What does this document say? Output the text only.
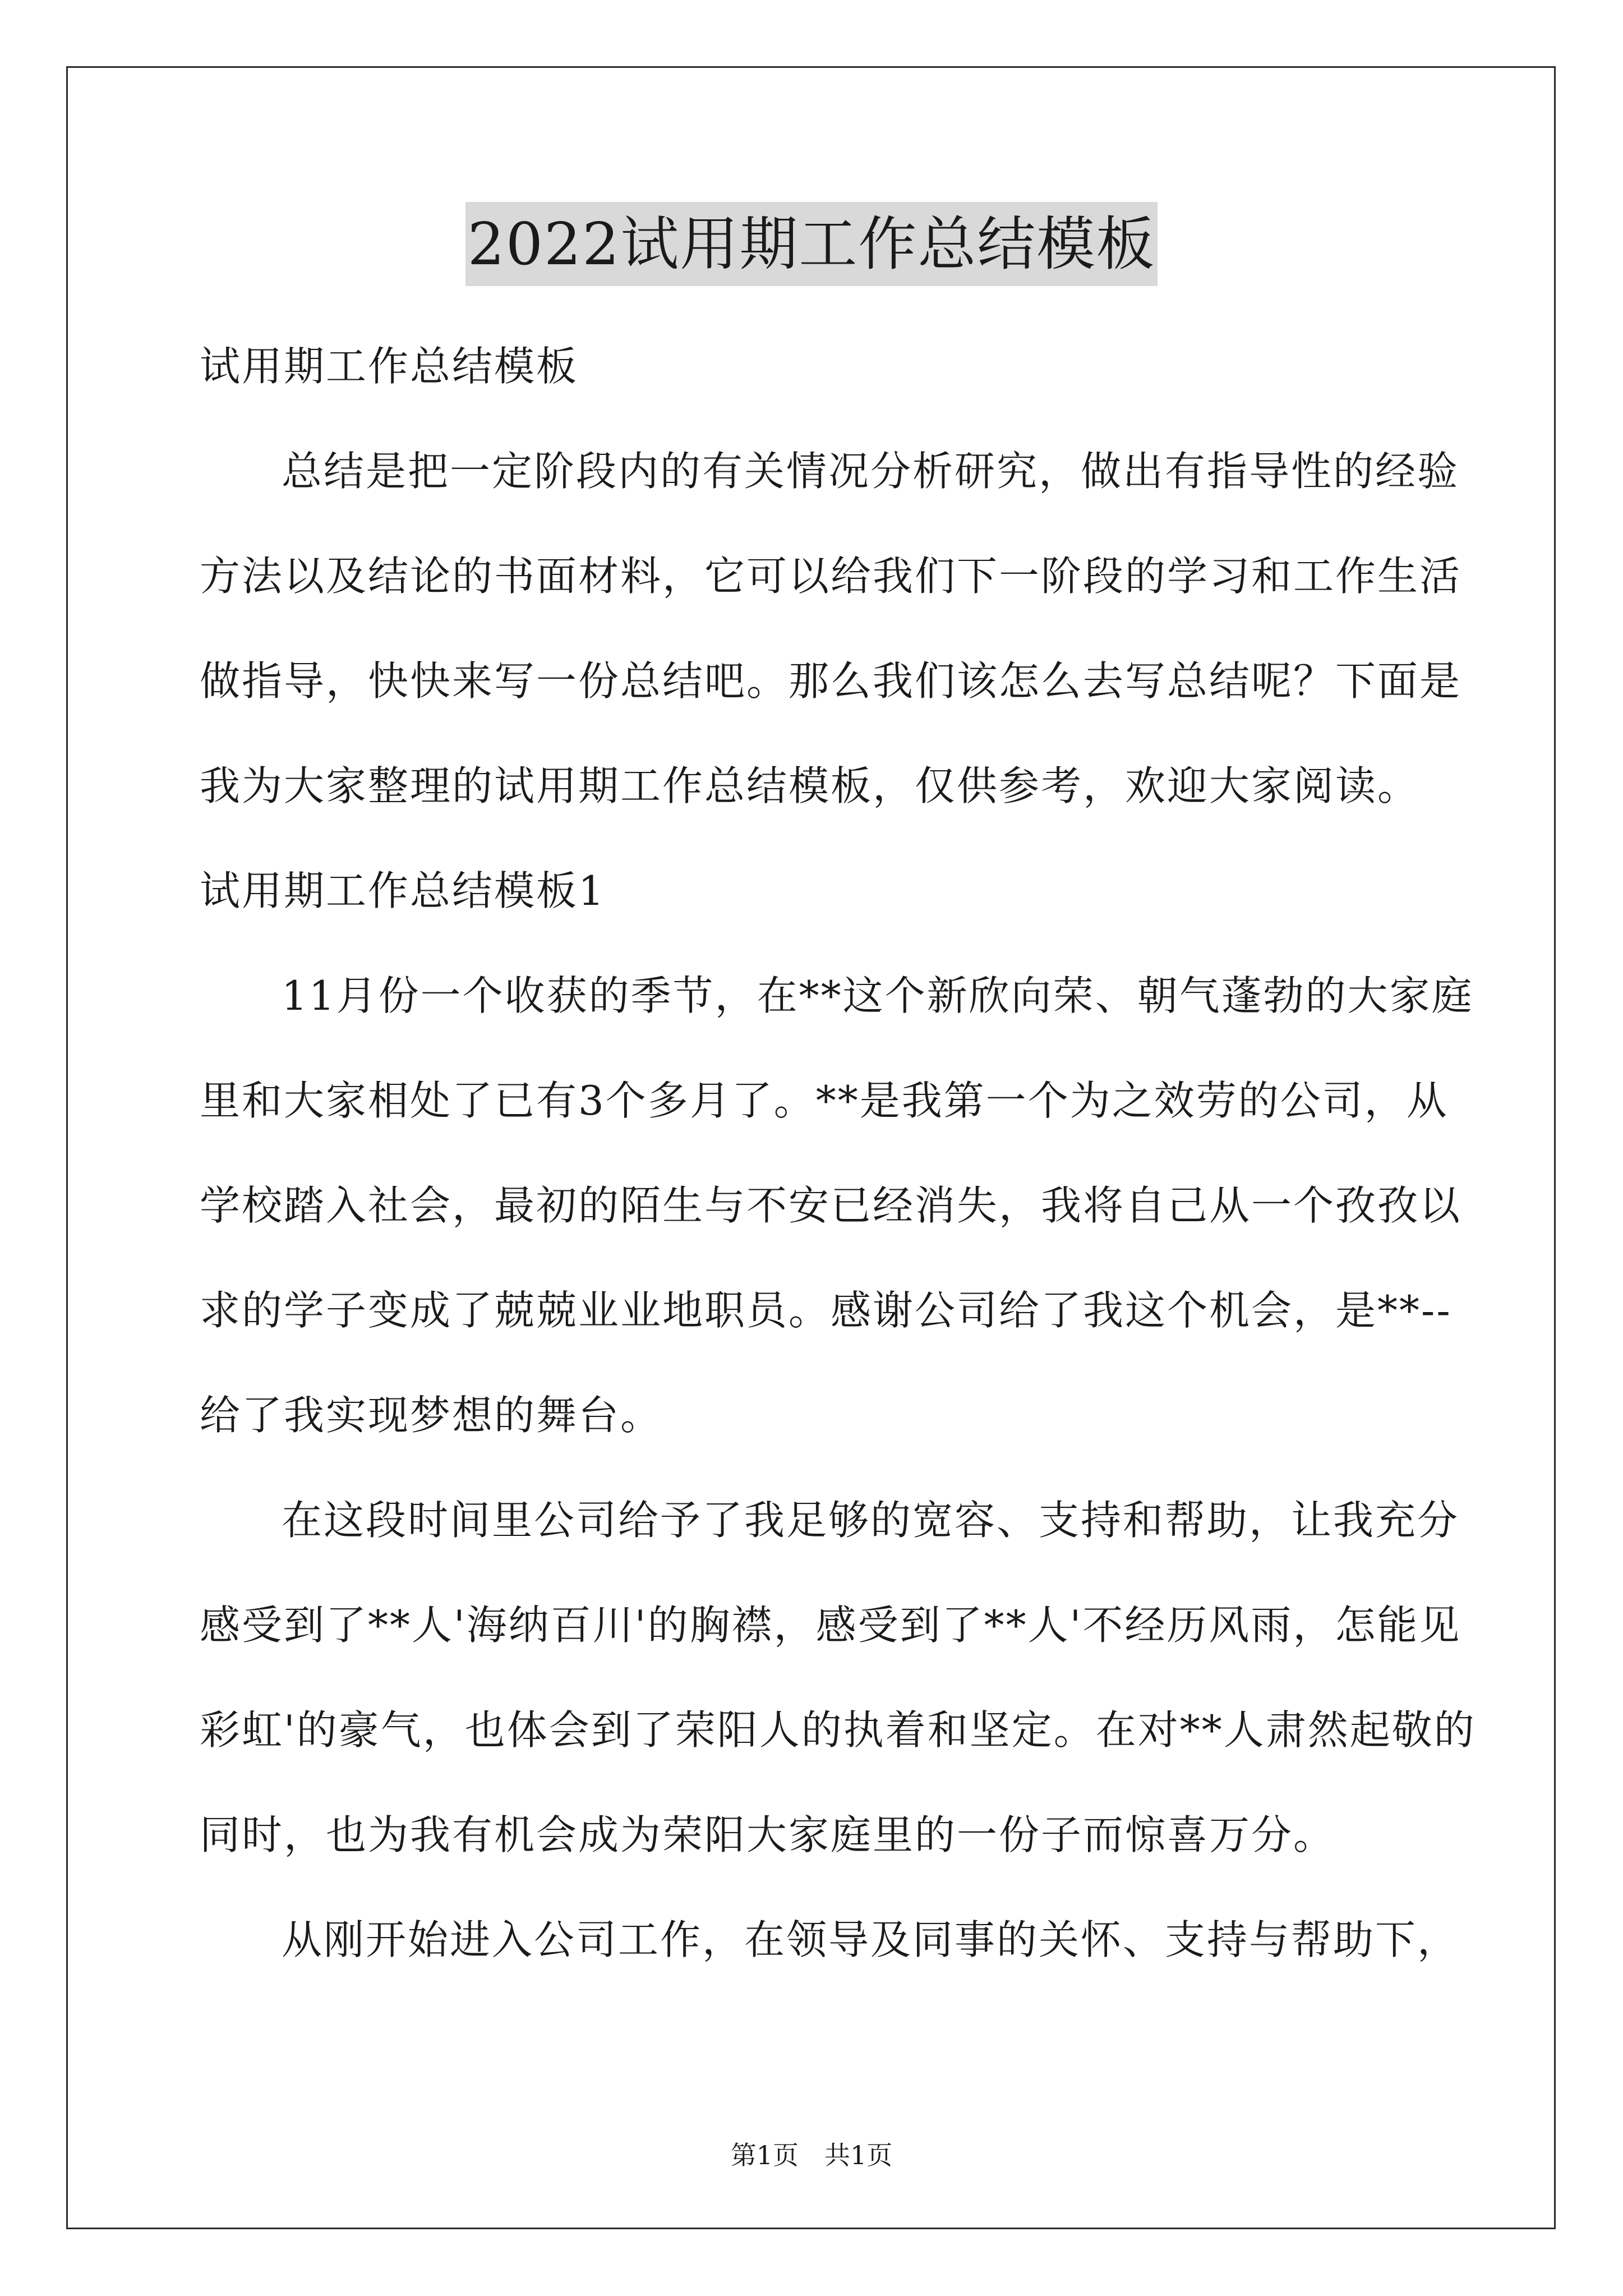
2022试用期工作总结模板
试用期工作总结模板
总结是把一定阶段内的有关情况分析研究，做出有指导性的经验
方法以及结论的书面材料，它可以给我们下一阶段的学习和工作生活
做指导，快快来写一份总结吧。那么我们该怎么去写总结呢？下面是
我为大家整理的试用期工作总结模板，仅供参考，欢迎大家阅读。
试用期工作总结模板1
11月份一个收获的季节，在**这个新欣向荣、朝气蓬勃的大家庭
里和大家相处了已有3个多月了。**是我第一个为之效劳的公司，从
学校踏入社会，最初的陌生与不安已经消失，我将自己从一个孜孜以
求的学子变成了兢兢业业地职员。感谢公司给了我这个机会，是**--
给了我实现梦想的舞台。
在这段时间里公司给予了我足够的宽容、支持和帮助，让我充分
感受到了**人'海纳百川'的胸襟，感受到了**人'不经历风雨，怎能见
彩虹'的豪气，也体会到了荣阳人的执着和坚定。在对**人肃然起敬的
同时，也为我有机会成为荣阳大家庭里的一份子而惊喜万分。
从刚开始进入公司工作，在领导及同事的关怀、支持与帮助下，
第1页　共1页
